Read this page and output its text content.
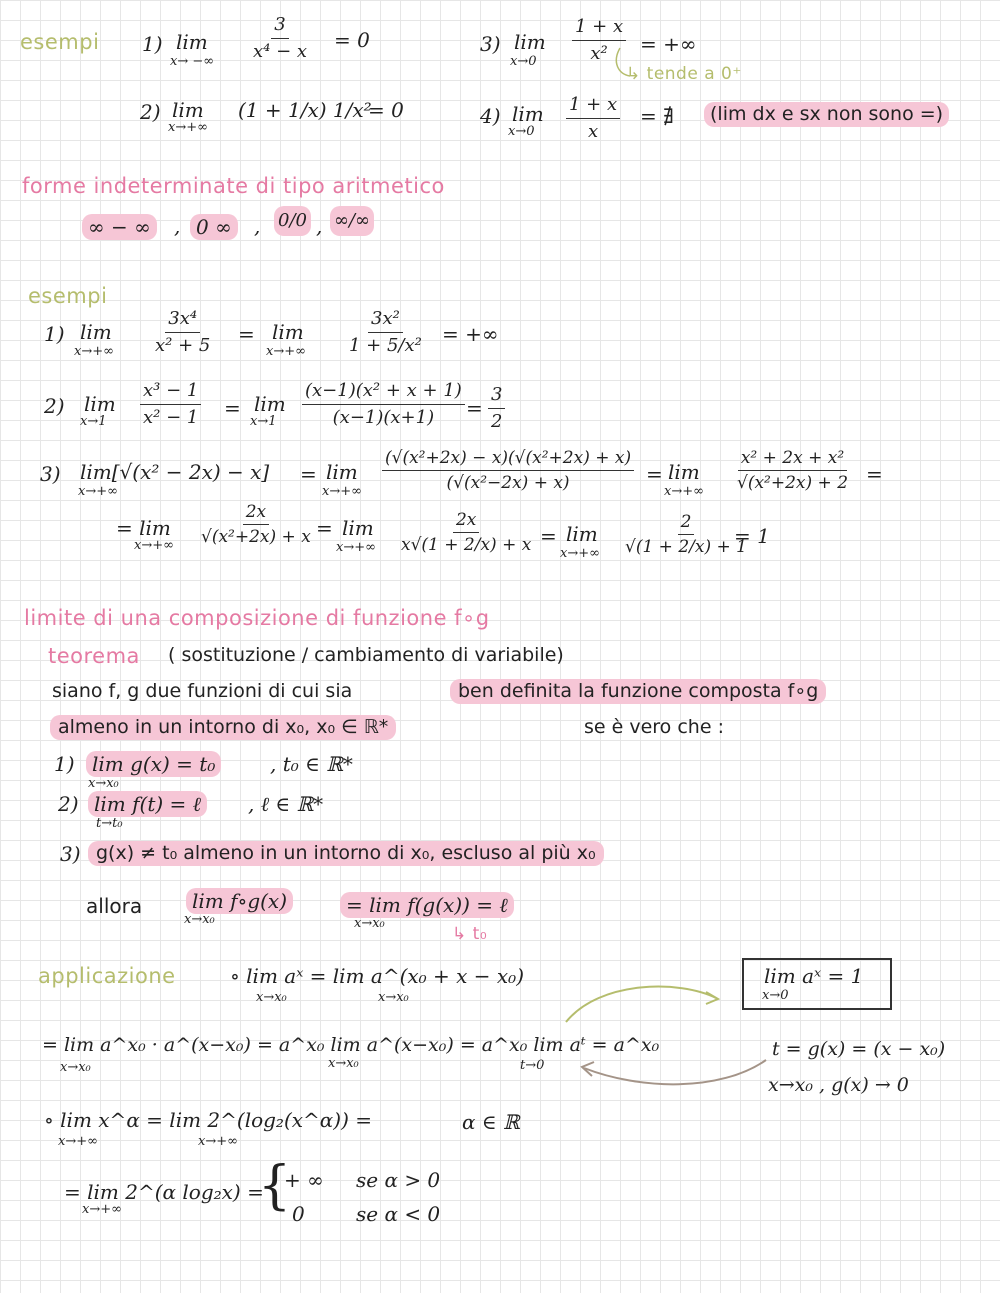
esempi 1) lim
x→ −∞ $\frac{3}{\text{x⁴ − x}} = 0$
2) lim
x→+∞
(1 + 1/x) 1/x²
= 0
3) lim
$x\to 0 \frac{1 + x}{\text{x²}}$ = +∞
↳ tende a 0⁺
4) lim
$x\to 0 \frac{1 + x}{x}$ = ∄	(lim dx e sx non sono =)
forme indeterminate di tipo aritmetico
∞ − ∞	, 0 ∞	, 0/0 , ∞/∞
esempi
1) lim
$x\to+\infty \frac{\text{3x⁴}}{\text{x² + 5}} = \lim$
$x\to+\infty \frac{\text{3x²}}{\text{1 + 5/x²}}$ = +∞
2) lim
$x\to 1 \frac{\text{x³ − 1}}{\text{x² − 1}} = \lim$
$x\to 1 \frac{\text{(x−1)(x² + x + 1)}}{(x-1)(x+1)} = \frac{3}{2}$
3) lim[√(x² − 2x) − x]
x→+∞
= lim
$x\to+\infty \frac{\text{(√(x²+2x) − x)(√(x²+2x) + x)}}{\text{(√(x²−2x) + x)}} = \lim$
$x\to+\infty \frac{\text{x² + 2x + x²}}{\text{√(x²+2x) + 2}}$ =
= lim
$x\to+\infty \frac{2x}{\text{√(x²+2x) + x}} = \lim$
$x\to+\infty \frac{2x}{x√(1 + 2/x) + x} = \lim$
$x\to+\infty \frac{2}{√(1 + 2/x) + 1}$
= 1
limite di una composizione di funzione f∘g
teorema ( sostituzione / cambiamento di variabile)
siano f, g due funzioni di cui sia	ben definita la funzione composta f∘g
almeno in un intorno di x₀, x₀ ∈ ℝ*	se è vero che :
1) lim g(x) = t₀
x→x₀
, t₀ ∈ ℝ*
2) lim f(t) = ℓ
t→t₀
, ℓ ∈ ℝ*
3) g(x) ≠ t₀ almeno in un intorno di x₀, escluso al più x₀
allora	lim f∘g(x)
x→x₀
= lim f(g(x)) = ℓ
x→x₀
↳ t₀
applicazione	∘ lim aˣ = lim a^(x₀ + x − x₀)
x→x₀	x→x₀
lim aˣ = 1
x→0
= lim a^x₀ · a^(x−x₀) = a^x₀ lim a^(x−x₀) = a^x₀ lim aᵗ = a^x₀
x→x₀	x→x₀	t→0
t = g(x) = (x − x₀)
x→x₀ , g(x) → 0
∘ lim x^α = lim 2^(log₂(x^α)) =
x→+∞	x→+∞
α ∈ ℝ
= lim 2^(α log₂x) =
x→+∞	{
+ ∞ se α > 0
0	se α < 0
